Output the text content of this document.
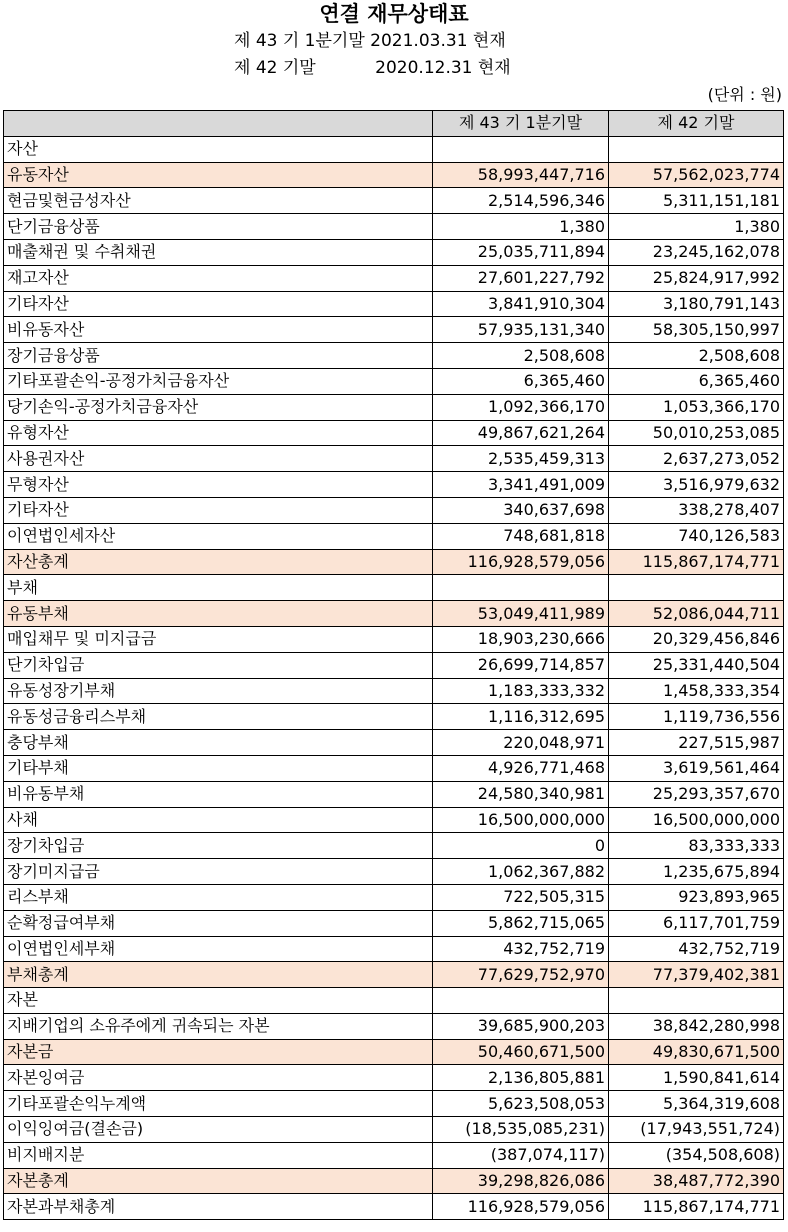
연결 재무상태표
제 43 기 1분기말 2021.03.31 현재
제 42 기말           2020.12.31 현재
(단위 : 원)
	제 43 기 1분기말	제 42 기말
자산		
유동자산	58,993,447,716	57,562,023,774
현금및현금성자산	2,514,596,346	5,311,151,181
단기금융상품	1,380	1,380
매출채권 및 수취채권	25,035,711,894	23,245,162,078
재고자산	27,601,227,792	25,824,917,992
기타자산	3,841,910,304	3,180,791,143
비유동자산	57,935,131,340	58,305,150,997
장기금융상품	2,508,608	2,508,608
기타포괄손익-공정가치금융자산	6,365,460	6,365,460
당기손익-공정가치금융자산	1,092,366,170	1,053,366,170
유형자산	49,867,621,264	50,010,253,085
사용권자산	2,535,459,313	2,637,273,052
무형자산	3,341,491,009	3,516,979,632
기타자산	340,637,698	338,278,407
이연법인세자산	748,681,818	740,126,583
자산총계	116,928,579,056	115,867,174,771
부채		
유동부채	53,049,411,989	52,086,044,711
매입채무 및 미지급금	18,903,230,666	20,329,456,846
단기차입금	26,699,714,857	25,331,440,504
유동성장기부채	1,183,333,332	1,458,333,354
유동성금융리스부채	1,116,312,695	1,119,736,556
충당부채	220,048,971	227,515,987
기타부채	4,926,771,468	3,619,561,464
비유동부채	24,580,340,981	25,293,357,670
사채	16,500,000,000	16,500,000,000
장기차입금	0	83,333,333
장기미지급금	1,062,367,882	1,235,675,894
리스부채	722,505,315	923,893,965
순확정급여부채	5,862,715,065	6,117,701,759
이연법인세부채	432,752,719	432,752,719
부채총계	77,629,752,970	77,379,402,381
자본		
지배기업의 소유주에게 귀속되는 자본	39,685,900,203	38,842,280,998
자본금	50,460,671,500	49,830,671,500
자본잉여금	2,136,805,881	1,590,841,614
기타포괄손익누계액	5,623,508,053	5,364,319,608
이익잉여금(결손금)	(18,535,085,231)	(17,943,551,724)
비지배지분	(387,074,117)	(354,508,608)
자본총계	39,298,826,086	38,487,772,390
자본과부채총계	116,928,579,056	115,867,174,771
